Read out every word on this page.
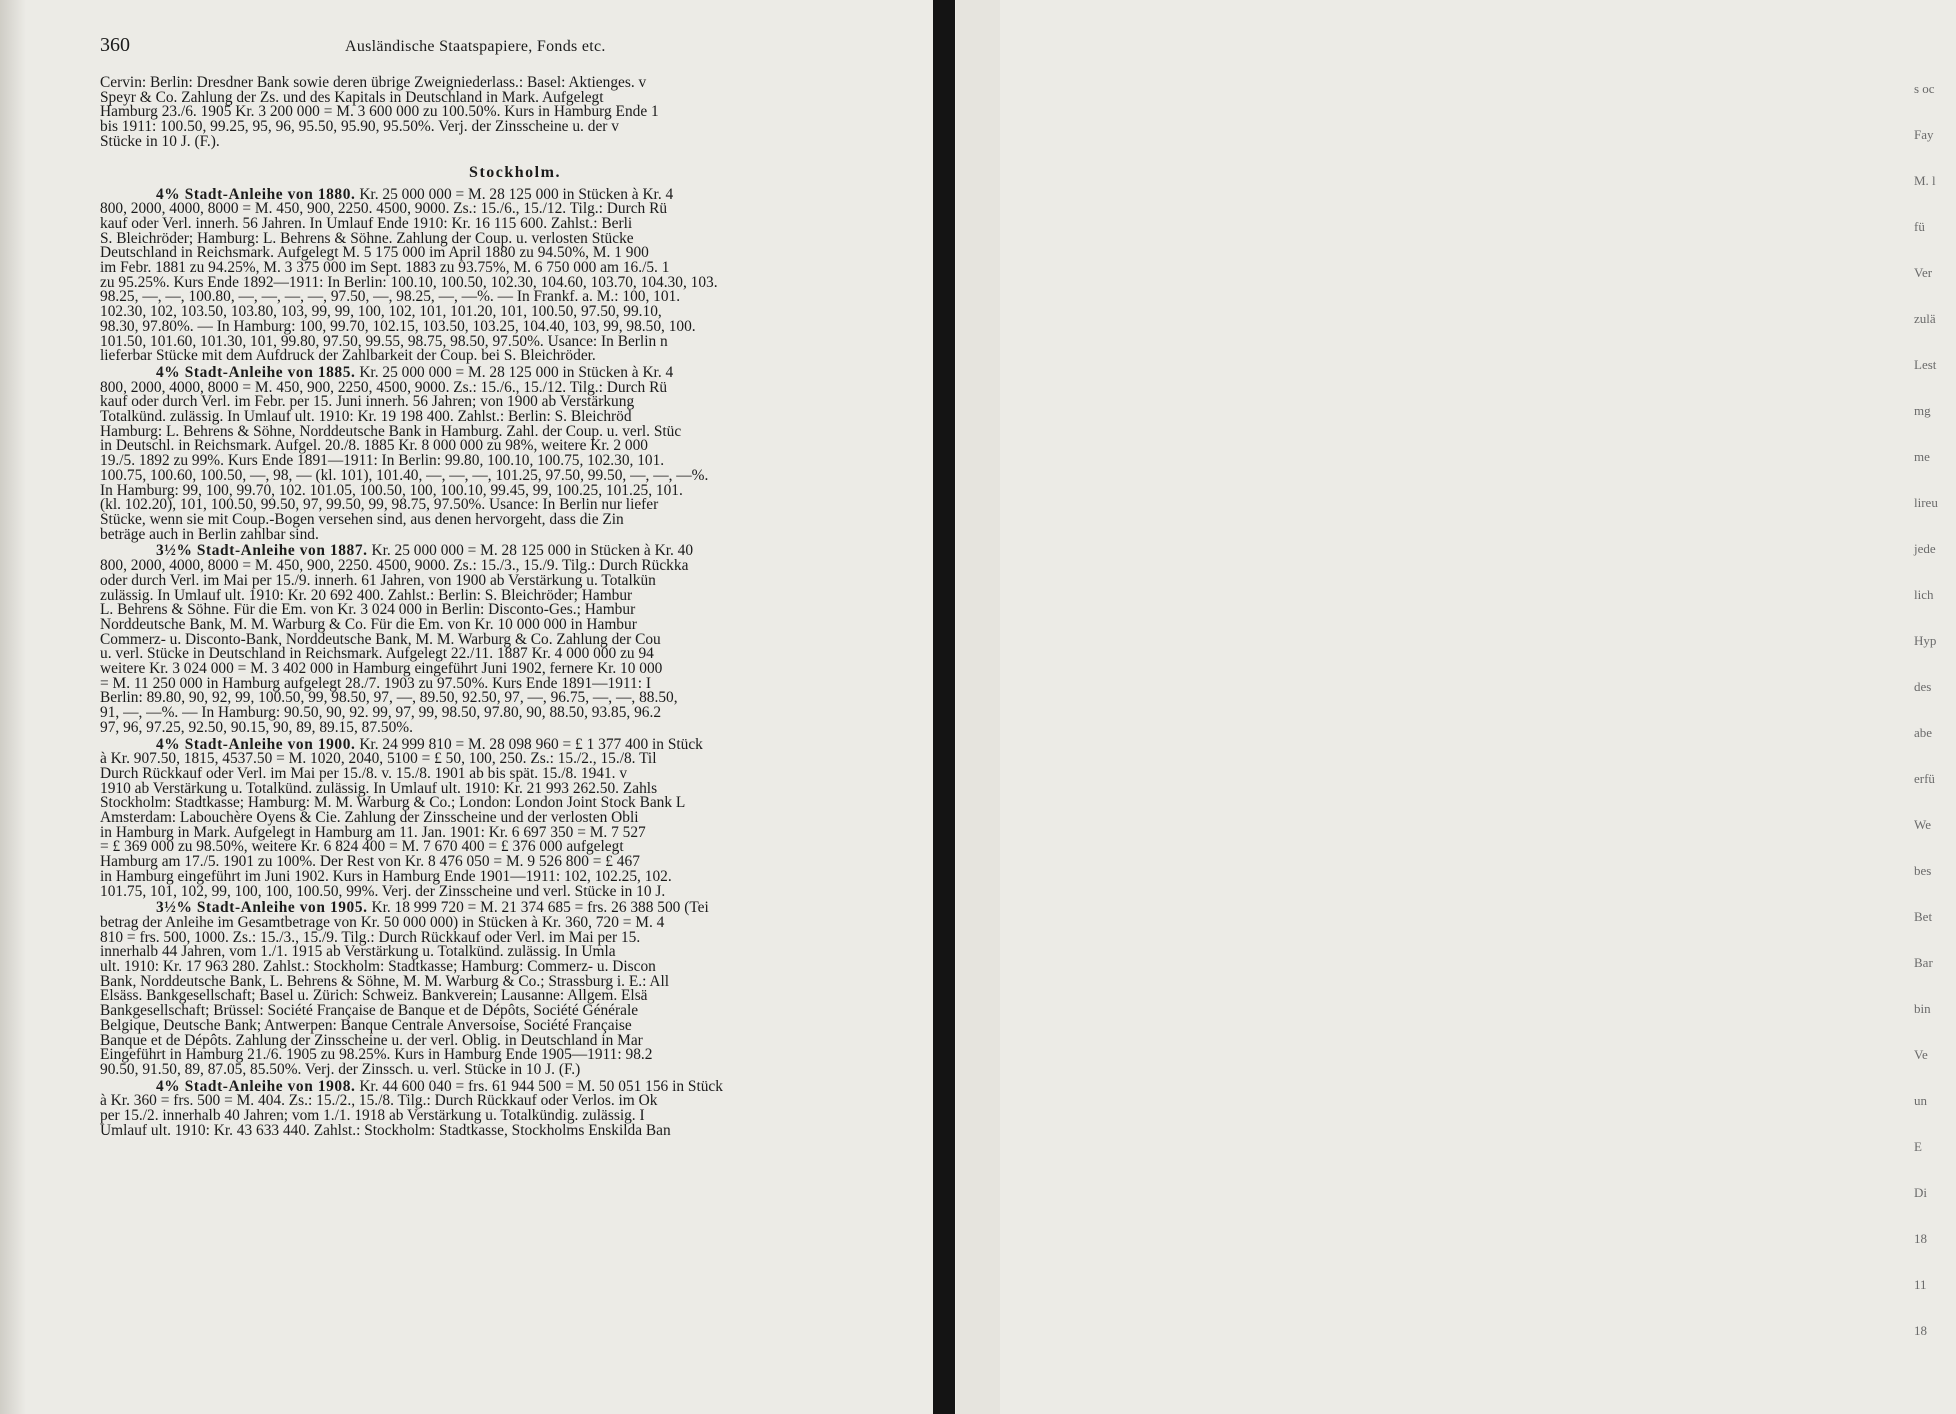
s oc
Fay
M. l
fü
Ver
zulä
Lest
mg
me
lireu
jede
lich
Hyp
des
abe
erfü
We
bes
Bet
Bar
bin
Ve
un
E
Di
18
11
18
360	Ausländische Staatspapiere, Fonds etc.
Cervin: Berlin: Dresdner Bank sowie deren übrige Zweigniederlass.: Basel: Aktienges. v
Speyr & Co. Zahlung der Zs. und des Kapitals in Deutschland in Mark. Aufgelegt
Hamburg 23./6. 1905 Kr. 3 200 000 = M. 3 600 000 zu 100.50%. Kurs in Hamburg Ende 1
bis 1911: 100.50, 99.25, 95, 96, 95.50, 95.90, 95.50%. Verj. der Zinsscheine u. der v
Stücke in 10 J. (F.).
Stockholm.
4% Stadt-Anleihe von 1880. Kr. 25 000 000 = M. 28 125 000 in Stücken à Kr. 4
800, 2000, 4000, 8000 = M. 450, 900, 2250. 4500, 9000. Zs.: 15./6., 15./12. Tilg.: Durch Rü
kauf oder Verl. innerh. 56 Jahren. In Umlauf Ende 1910: Kr. 16 115 600. Zahlst.: Berli
S. Bleichröder; Hamburg: L. Behrens & Söhne. Zahlung der Coup. u. verlosten Stücke
Deutschland in Reichsmark. Aufgelegt M. 5 175 000 im April 1880 zu 94.50%, M. 1 900
im Febr. 1881 zu 94.25%, M. 3 375 000 im Sept. 1883 zu 93.75%, M. 6 750 000 am 16./5. 1
zu 95.25%. Kurs Ende 1892—1911: In Berlin: 100.10, 100.50, 102.30, 104.60, 103.70, 104.30, 103.
98.25, —, —, 100.80, —, —, —, —, 97.50, —, 98.25, —, —%. — In Frankf. a. M.: 100, 101.
102.30, 102, 103.50, 103.80, 103, 99, 99, 100, 102, 101, 101.20, 101, 100.50, 97.50, 99.10,
98.30, 97.80%. — In Hamburg: 100, 99.70, 102.15, 103.50, 103.25, 104.40, 103, 99, 98.50, 100.
101.50, 101.60, 101.30, 101, 99.80, 97.50, 99.55, 98.75, 98.50, 97.50%. Usance: In Berlin n
lieferbar Stücke mit dem Aufdruck der Zahlbarkeit der Coup. bei S. Bleichröder.
4% Stadt-Anleihe von 1885. Kr. 25 000 000 = M. 28 125 000 in Stücken à Kr. 4
800, 2000, 4000, 8000 = M. 450, 900, 2250, 4500, 9000. Zs.: 15./6., 15./12. Tilg.: Durch Rü
kauf oder durch Verl. im Febr. per 15. Juni innerh. 56 Jahren; von 1900 ab Verstärkung
Totalkünd. zulässig. In Umlauf ult. 1910: Kr. 19 198 400. Zahlst.: Berlin: S. Bleichröd
Hamburg: L. Behrens & Söhne, Norddeutsche Bank in Hamburg. Zahl. der Coup. u. verl. Stüc
in Deutschl. in Reichsmark. Aufgel. 20./8. 1885 Kr. 8 000 000 zu 98%, weitere Kr. 2 000
19./5. 1892 zu 99%. Kurs Ende 1891—1911: In Berlin: 99.80, 100.10, 100.75, 102.30, 101.
100.75, 100.60, 100.50, —, 98, — (kl. 101), 101.40, —, —, —, 101.25, 97.50, 99.50, —, —, —%.
In Hamburg: 99, 100, 99.70, 102. 101.05, 100.50, 100, 100.10, 99.45, 99, 100.25, 101.25, 101.
(kl. 102.20), 101, 100.50, 99.50, 97, 99.50, 99, 98.75, 97.50%. Usance: In Berlin nur liefer
Stücke, wenn sie mit Coup.-Bogen versehen sind, aus denen hervorgeht, dass die Zin
beträge auch in Berlin zahlbar sind.
3½% Stadt-Anleihe von 1887. Kr. 25 000 000 = M. 28 125 000 in Stücken à Kr. 40
800, 2000, 4000, 8000 = M. 450, 900, 2250. 4500, 9000. Zs.: 15./3., 15./9. Tilg.: Durch Rückka
oder durch Verl. im Mai per 15./9. innerh. 61 Jahren, von 1900 ab Verstärkung u. Totalkün
zulässig. In Umlauf ult. 1910: Kr. 20 692 400. Zahlst.: Berlin: S. Bleichröder; Hambur
L. Behrens & Söhne. Für die Em. von Kr. 3 024 000 in Berlin: Disconto-Ges.; Hambur
Norddeutsche Bank, M. M. Warburg & Co. Für die Em. von Kr. 10 000 000 in Hambur
Commerz- u. Disconto-Bank, Norddeutsche Bank, M. M. Warburg & Co. Zahlung der Cou
u. verl. Stücke in Deutschland in Reichsmark. Aufgelegt 22./11. 1887 Kr. 4 000 000 zu 94
weitere Kr. 3 024 000 = M. 3 402 000 in Hamburg eingeführt Juni 1902, fernere Kr. 10 000
= M. 11 250 000 in Hamburg aufgelegt 28./7. 1903 zu 97.50%. Kurs Ende 1891—1911: I
Berlin: 89.80, 90, 92, 99, 100.50, 99, 98.50, 97, —, 89.50, 92.50, 97, —, 96.75, —, —, 88.50,
91, —, —%. — In Hamburg: 90.50, 90, 92. 99, 97, 99, 98.50, 97.80, 90, 88.50, 93.85, 96.2
97, 96, 97.25, 92.50, 90.15, 90, 89, 89.15, 87.50%.
4% Stadt-Anleihe von 1900. Kr. 24 999 810 = M. 28 098 960 = £ 1 377 400 in Stück
à Kr. 907.50, 1815, 4537.50 = M. 1020, 2040, 5100 = £ 50, 100, 250. Zs.: 15./2., 15./8. Til
Durch Rückkauf oder Verl. im Mai per 15./8. v. 15./8. 1901 ab bis spät. 15./8. 1941. v
1910 ab Verstärkung u. Totalkünd. zulässig. In Umlauf ult. 1910: Kr. 21 993 262.50. Zahls
Stockholm: Stadtkasse; Hamburg: M. M. Warburg & Co.; London: London Joint Stock Bank L
Amsterdam: Labouchère Oyens & Cie. Zahlung der Zinsscheine und der verlosten Obli
in Hamburg in Mark. Aufgelegt in Hamburg am 11. Jan. 1901: Kr. 6 697 350 = M. 7 527
= £ 369 000 zu 98.50%, weitere Kr. 6 824 400 = M. 7 670 400 = £ 376 000 aufgelegt
Hamburg am 17./5. 1901 zu 100%. Der Rest von Kr. 8 476 050 = M. 9 526 800 = £ 467
in Hamburg eingeführt im Juni 1902. Kurs in Hamburg Ende 1901—1911: 102, 102.25, 102.
101.75, 101, 102, 99, 100, 100, 100.50, 99%. Verj. der Zinsscheine und verl. Stücke in 10 J.
3½% Stadt-Anleihe von 1905. Kr. 18 999 720 = M. 21 374 685 = frs. 26 388 500 (Tei
betrag der Anleihe im Gesamtbetrage von Kr. 50 000 000) in Stücken à Kr. 360, 720 = M. 4
810 = frs. 500, 1000. Zs.: 15./3., 15./9. Tilg.: Durch Rückkauf oder Verl. im Mai per 15.
innerhalb 44 Jahren, vom 1./1. 1915 ab Verstärkung u. Totalkünd. zulässig. In Umla
ult. 1910: Kr. 17 963 280. Zahlst.: Stockholm: Stadtkasse; Hamburg: Commerz- u. Discon
Bank, Norddeutsche Bank, L. Behrens & Söhne, M. M. Warburg & Co.; Strassburg i. E.: All
Elsäss. Bankgesellschaft; Basel u. Zürich: Schweiz. Bankverein; Lausanne: Allgem. Elsä
Bankgesellschaft; Brüssel: Société Française de Banque et de Dépôts, Société Générale
Belgique, Deutsche Bank; Antwerpen: Banque Centrale Anversoise, Société Française
Banque et de Dépôts. Zahlung der Zinsscheine u. der verl. Oblig. in Deutschland in Mar
Eingeführt in Hamburg 21./6. 1905 zu 98.25%. Kurs in Hamburg Ende 1905—1911: 98.2
90.50, 91.50, 89, 87.05, 85.50%. Verj. der Zinssch. u. verl. Stücke in 10 J. (F.)
4% Stadt-Anleihe von 1908. Kr. 44 600 040 = frs. 61 944 500 = M. 50 051 156 in Stück
à Kr. 360 = frs. 500 = M. 404. Zs.: 15./2., 15./8. Tilg.: Durch Rückkauf oder Verlos. im Ok
per 15./2. innerhalb 40 Jahren; vom 1./1. 1918 ab Verstärkung u. Totalkündig. zulässig. I
Umlauf ult. 1910: Kr. 43 633 440. Zahlst.: Stockholm: Stadtkasse, Stockholms Enskilda Ban
